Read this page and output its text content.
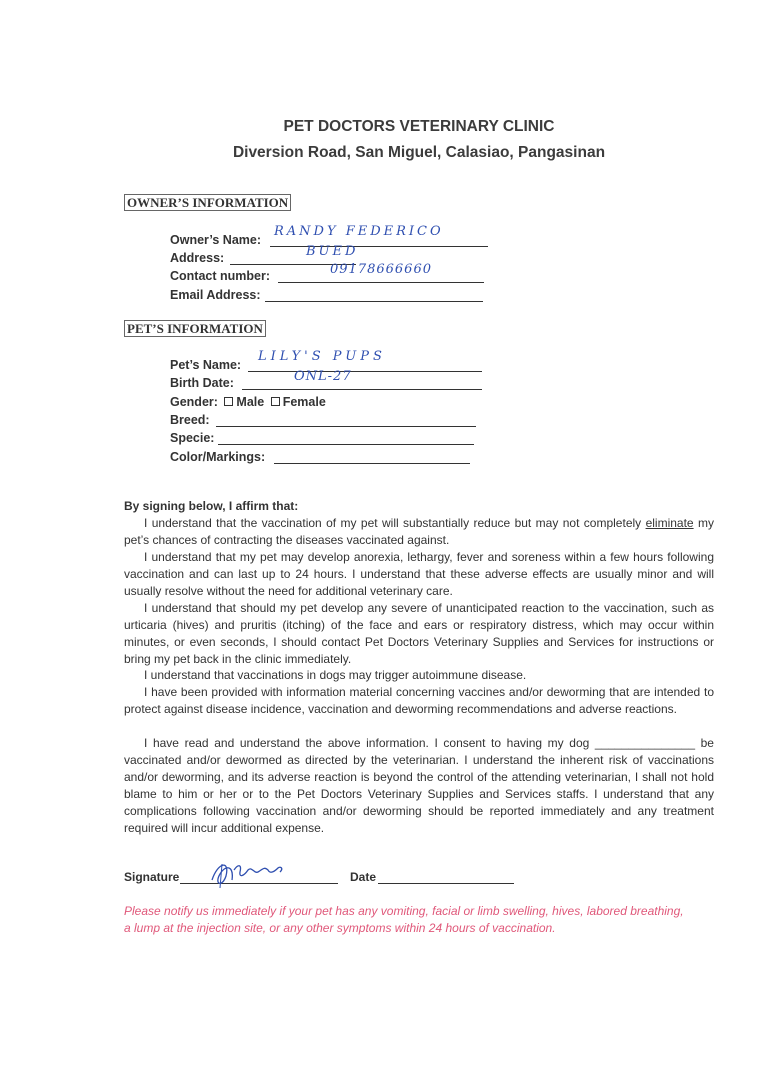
PET DOCTORS VETERINARY CLINIC
Diversion Road, San Miguel, Calasiao, Pangasinan
OWNER’S INFORMATION
Owner’s Name:
RANDY FEDERICO
Address:	BUED
Contact number:	09178666660
Email Address:
PET’S INFORMATION
Pet’s Name:
LILY'S PUPS
Birth Date:	ONL-27
Gender: Male Female
Breed:
Specie:
Color/Markings:
By signing below, I affirm that:
I understand that the vaccination of my pet will substantially reduce but may not completely eliminate my pet’s chances of contracting the diseases vaccinated against.
I understand that my pet may develop anorexia, lethargy, fever and soreness within a few hours following vaccination and can last up to 24 hours. I understand that these adverse effects are usually minor and will usually resolve without the need for additional veterinary care.
I understand that should my pet develop any severe of unanticipated reaction to the vaccination, such as urticaria (hives) and pruritis (itching) of the face and ears or respiratory distress, which may occur within minutes, or even seconds, I should contact Pet Doctors Veterinary Supplies and Services for instructions or bring my pet back in the clinic immediately.
I understand that vaccinations in dogs may trigger autoimmune disease.
I have been provided with information material concerning vaccines and/or deworming that are intended to protect against disease incidence, vaccination and deworming recommendations and adverse reactions.
I have read and understand the above information. I consent to having my dog _______________ be vaccinated and/or dewormed as directed by the veterinarian. I understand the inherent risk of vaccinations and/or deworming, and its adverse reaction is beyond the control of the attending veterinarian, I shall not hold blame to him or her or to the Pet Doctors Veterinary Supplies and Services staffs. I understand that any complications following vaccination and/or deworming should be reported immediately and any treatment required will incur additional expense.
Signature	Date
Please notify us immediately if your pet has any vomiting, facial or limb swelling, hives, labored breathing, a lump at the injection site, or any other symptoms within 24 hours of vaccination.
